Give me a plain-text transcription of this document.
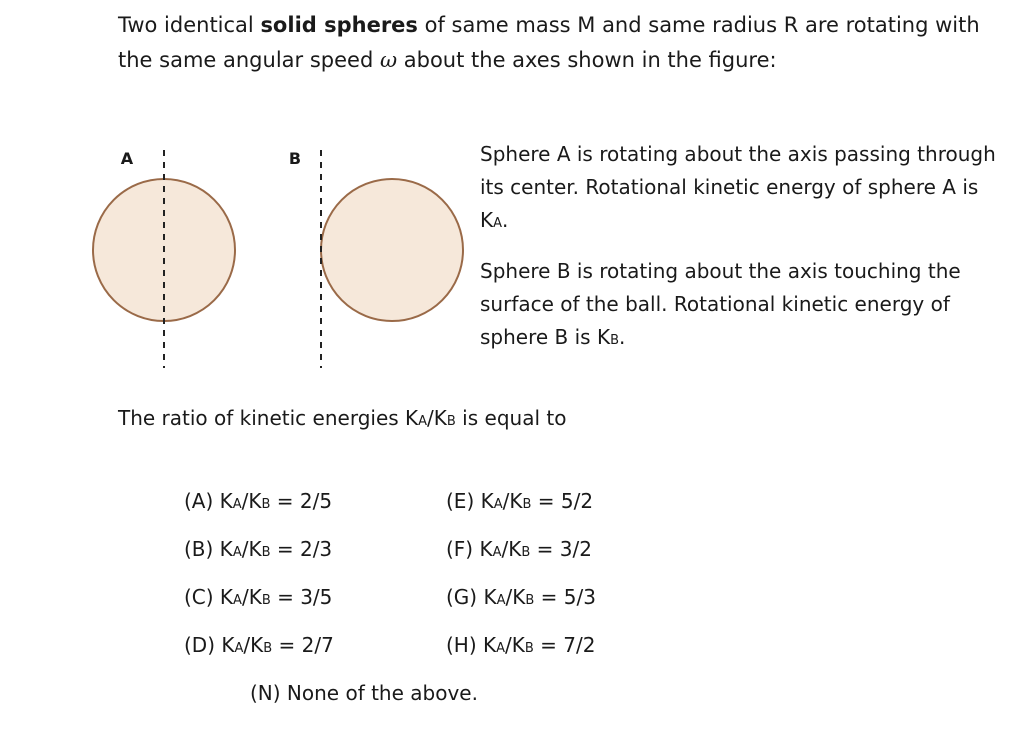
Two identical solid spheres of same mass M and same radius R are rotating with the same angular speed ω about the axes shown in the figure:
A	B	Sphere A is rotating about the axis passing through its center. Rotational kinetic energy of sphere A is KA.

Sphere B is rotating about the axis touching the surface of the ball. Rotational kinetic energy of sphere B is KB.

The ratio of kinetic energies KA/KB is equal to
(A) KA/KB = 2/5
(B) KA/KB = 2/3
(C) KA/KB = 3/5
(D) KA/KB = 2/7
(E) KA/KB = 5/2
(F) KA/KB = 3/2
(G) KA/KB = 5/3
(H) KA/KB = 7/2
(N) None of the above.
